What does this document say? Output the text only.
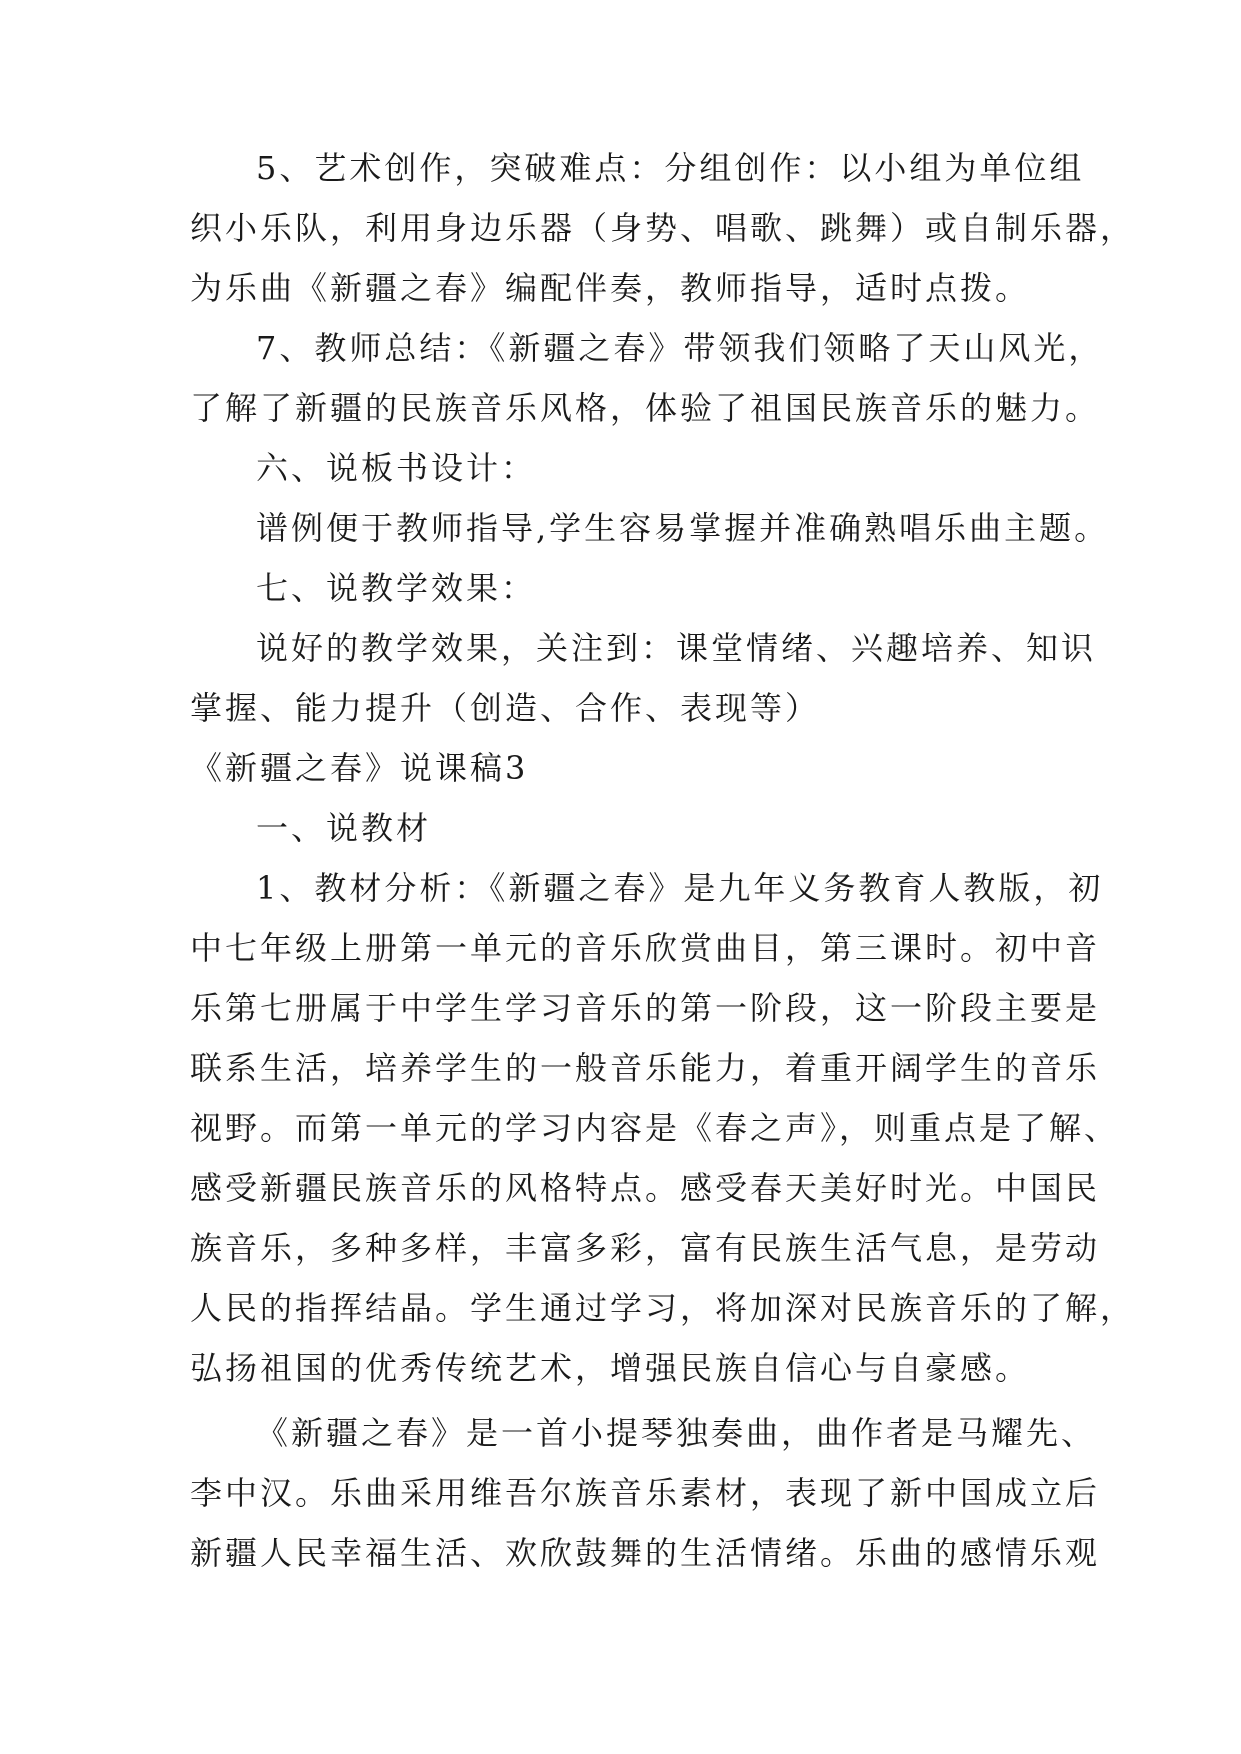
5、艺术创作，突破难点：分组创作：以小组为单位组
织小乐队，利用身边乐器（身势、唱歌、跳舞）或自制乐器，
为乐曲《新疆之春》编配伴奏，教师指导，适时点拨。
7、教师总结：《新疆之春》带领我们领略了天山风光，
了解了新疆的民族音乐风格，体验了祖国民族音乐的魅力。
六、说板书设计：
谱例便于教师指导,学生容易掌握并准确熟唱乐曲主题。
七、说教学效果：
说好的教学效果，关注到：课堂情绪、兴趣培养、知识
掌握、能力提升（创造、合作、表现等）
《新疆之春》说课稿3
一、说教材
1、教材分析：《新疆之春》是九年义务教育人教版，初
中七年级上册第一单元的音乐欣赏曲目，第三课时。初中音
乐第七册属于中学生学习音乐的第一阶段，这一阶段主要是
联系生活，培养学生的一般音乐能力，着重开阔学生的音乐
视野。而第一单元的学习内容是《春之声》，则重点是了解、
感受新疆民族音乐的风格特点。感受春天美好时光。中国民
族音乐，多种多样，丰富多彩，富有民族生活气息，是劳动
人民的指挥结晶。学生通过学习，将加深对民族音乐的了解，
弘扬祖国的优秀传统艺术，增强民族自信心与自豪感。
《新疆之春》是一首小提琴独奏曲，曲作者是马耀先、
李中汉。乐曲采用维吾尔族音乐素材，表现了新中国成立后
新疆人民幸福生活、欢欣鼓舞的生活情绪。乐曲的感情乐观
